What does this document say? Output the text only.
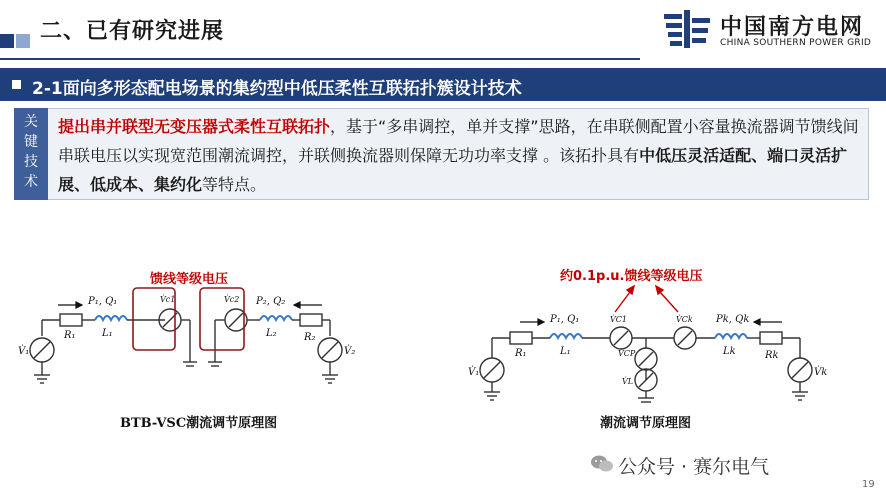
二、已有研究进展	中国南方电网
CHINA SOUTHERN POWER GRID
2-1面向多形态配电场景的集约型中低压柔性互联拓扑簇设计技术
关
键
技
术
提出串并联型无变压器式柔性互联拓扑，基于“多串调控，单并支撑”思路，在串联侧配置小容量换流器调节馈线间串联电压以实现宽范围潮流调控，并联侧换流器则保障无功功率支撑 。该拓扑具有中低压灵活适配、端口灵活扩展、低成本、集约化等特点。
馈线等级电压
P₁, Q₁	P₂, Q₂
R₁	L₁	L₂	R₂
V̇₁	V̇₂
V̇c1	V̇c2
BTB-VSC潮流调节原理图
约0.1p.u.馈线等级电压
P₁, Q₁	Pk, Qk
R₁	L₁	Lk	Rk
V̇₁	V̇k
V̇C1	V̇Ck
V̇CP
V̇L
潮流调节原理图
公众号 · 赛尔电气
19
